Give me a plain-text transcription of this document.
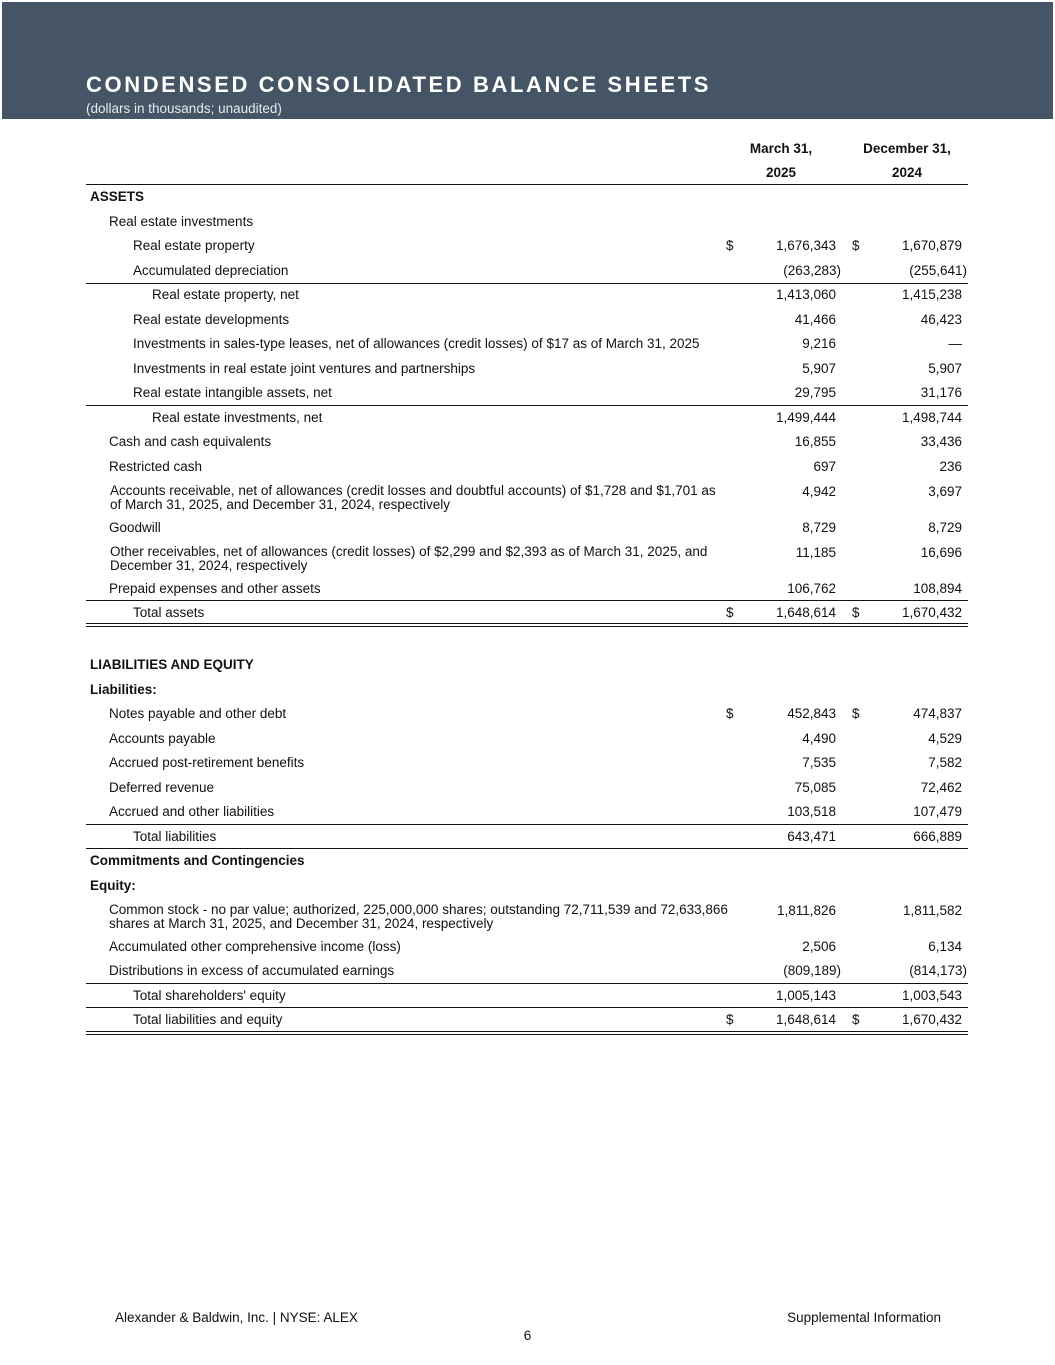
CONDENSED CONSOLIDATED BALANCE SHEETS
(dollars in thousands; unaudited)
March 31,
2025
December 31,
2024
ASSETS
Real estate investments
Real estate property	$	1,676,343 $	1,670,879
Accumulated depreciation	(263,283)	(255,641)
Real estate property, net	1,413,060	1,415,238
Real estate developments	41,466	46,423
Investments in sales-type leases, net of allowances (credit losses) of $17 as of March 31, 2025	9,216	—
Investments in real estate joint ventures and partnerships	5,907	5,907
Real estate intangible assets, net	29,795	31,176
Real estate investments, net	1,499,444	1,498,744
Cash and cash equivalents	16,855	33,436
Restricted cash	697	236
Accounts receivable, net of allowances (credit losses and doubtful accounts) of $1,728 and $1,701 as of March 31, 2025, and December 31, 2024, respectively
4,942	3,697
Goodwill	8,729	8,729
Other receivables, net of allowances (credit losses) of $2,299 and $2,393 as of March 31, 2025, and December 31, 2024, respectively
11,185	16,696
Prepaid expenses and other assets	106,762	108,894
Total assets	$	1,648,614 $	1,670,432
LIABILITIES AND EQUITY
Liabilities:
Notes payable and other debt	$	452,843 $	474,837
Accounts payable	4,490	4,529
Accrued post-retirement benefits	7,535	7,582
Deferred revenue	75,085	72,462
Accrued and other liabilities	103,518	107,479
Total liabilities	643,471	666,889
Commitments and Contingencies
Equity:
Common stock - no par value; authorized, 225,000,000 shares; outstanding 72,711,539 and 72,633,866 shares at March 31, 2025, and December 31, 2024, respectively
1,811,826	1,811,582
Accumulated other comprehensive income (loss)	2,506	6,134
Distributions in excess of accumulated earnings	(809,189)	(814,173)
Total shareholders' equity	1,005,143	1,003,543
Total liabilities and equity	$	1,648,614 $	1,670,432
Alexander & Baldwin, Inc. | NYSE: ALEX	Supplemental Information
6
